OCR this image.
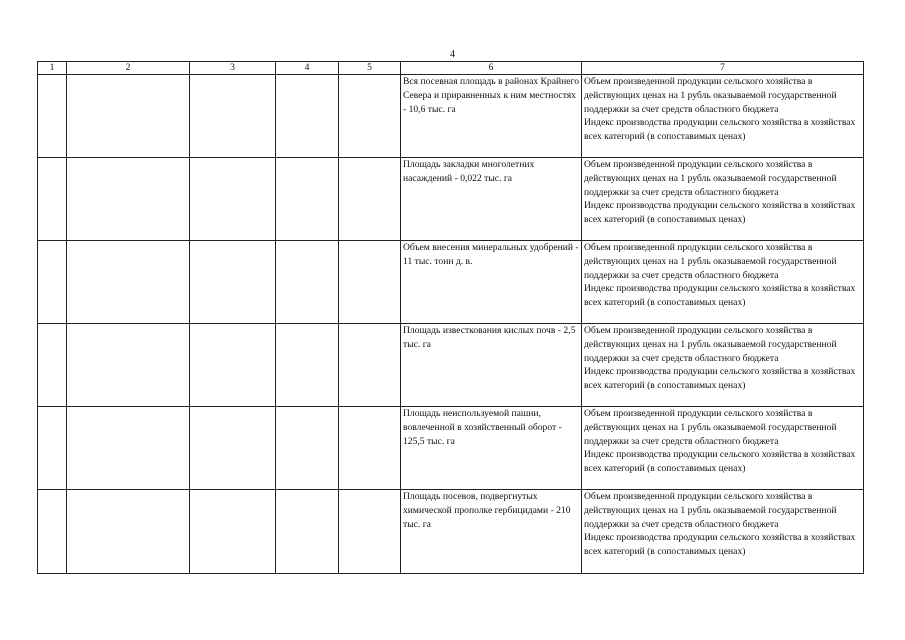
4
1	2	3	4	5	6	7
					Вся посевная площадь в районах Крайнего Севера и приравненных к ним местностях - 10,6 тыс. га	Объем произведенной продукции сельского хозяйства в действующих ценах на 1 рубль оказываемой государственной поддержки за счет средств областного бюджета
Индекс производства продукции сельского хозяйства в хозяйствах всех категорий (в сопоставимых ценах)

					Площадь закладки многолетних насаждений - 0,022 тыс. га	Объем произведенной продукции сельского хозяйства в действующих ценах на 1 рубль оказываемой государственной поддержки за счет средств областного бюджета
Индекс производства продукции сельского хозяйства в хозяйствах всех категорий (в сопоставимых ценах)

					Объем внесения минеральных удобрений - 11 тыс. тонн д. в.	Объем произведенной продукции сельского хозяйства в действующих ценах на 1 рубль оказываемой государственной поддержки за счет средств областного бюджета
Индекс производства продукции сельского хозяйства в хозяйствах всех категорий (в сопоставимых ценах)

					Площадь известкования кислых почв - 2,5 тыс. га	Объем произведенной продукции сельского хозяйства в действующих ценах на 1 рубль оказываемой государственной поддержки за счет средств областного бюджета
Индекс производства продукции сельского хозяйства в хозяйствах всех категорий (в сопоставимых ценах)

					Площадь неиспользуемой пашни, вовлеченной в хозяйственный оборот - 125,5 тыс. га	Объем произведенной продукции сельского хозяйства в действующих ценах на 1 рубль оказываемой государственной поддержки за счет средств областного бюджета
Индекс производства продукции сельского хозяйства в хозяйствах всех категорий (в сопоставимых ценах)

					Площадь посевов, подвергнутых химической прополке гербицидами - 210 тыс. га	Объем произведенной продукции сельского хозяйства в действующих ценах на 1 рубль оказываемой государственной поддержки за счет средств областного бюджета
Индекс производства продукции сельского хозяйства в хозяйствах всех категорий (в сопоставимых ценах)
